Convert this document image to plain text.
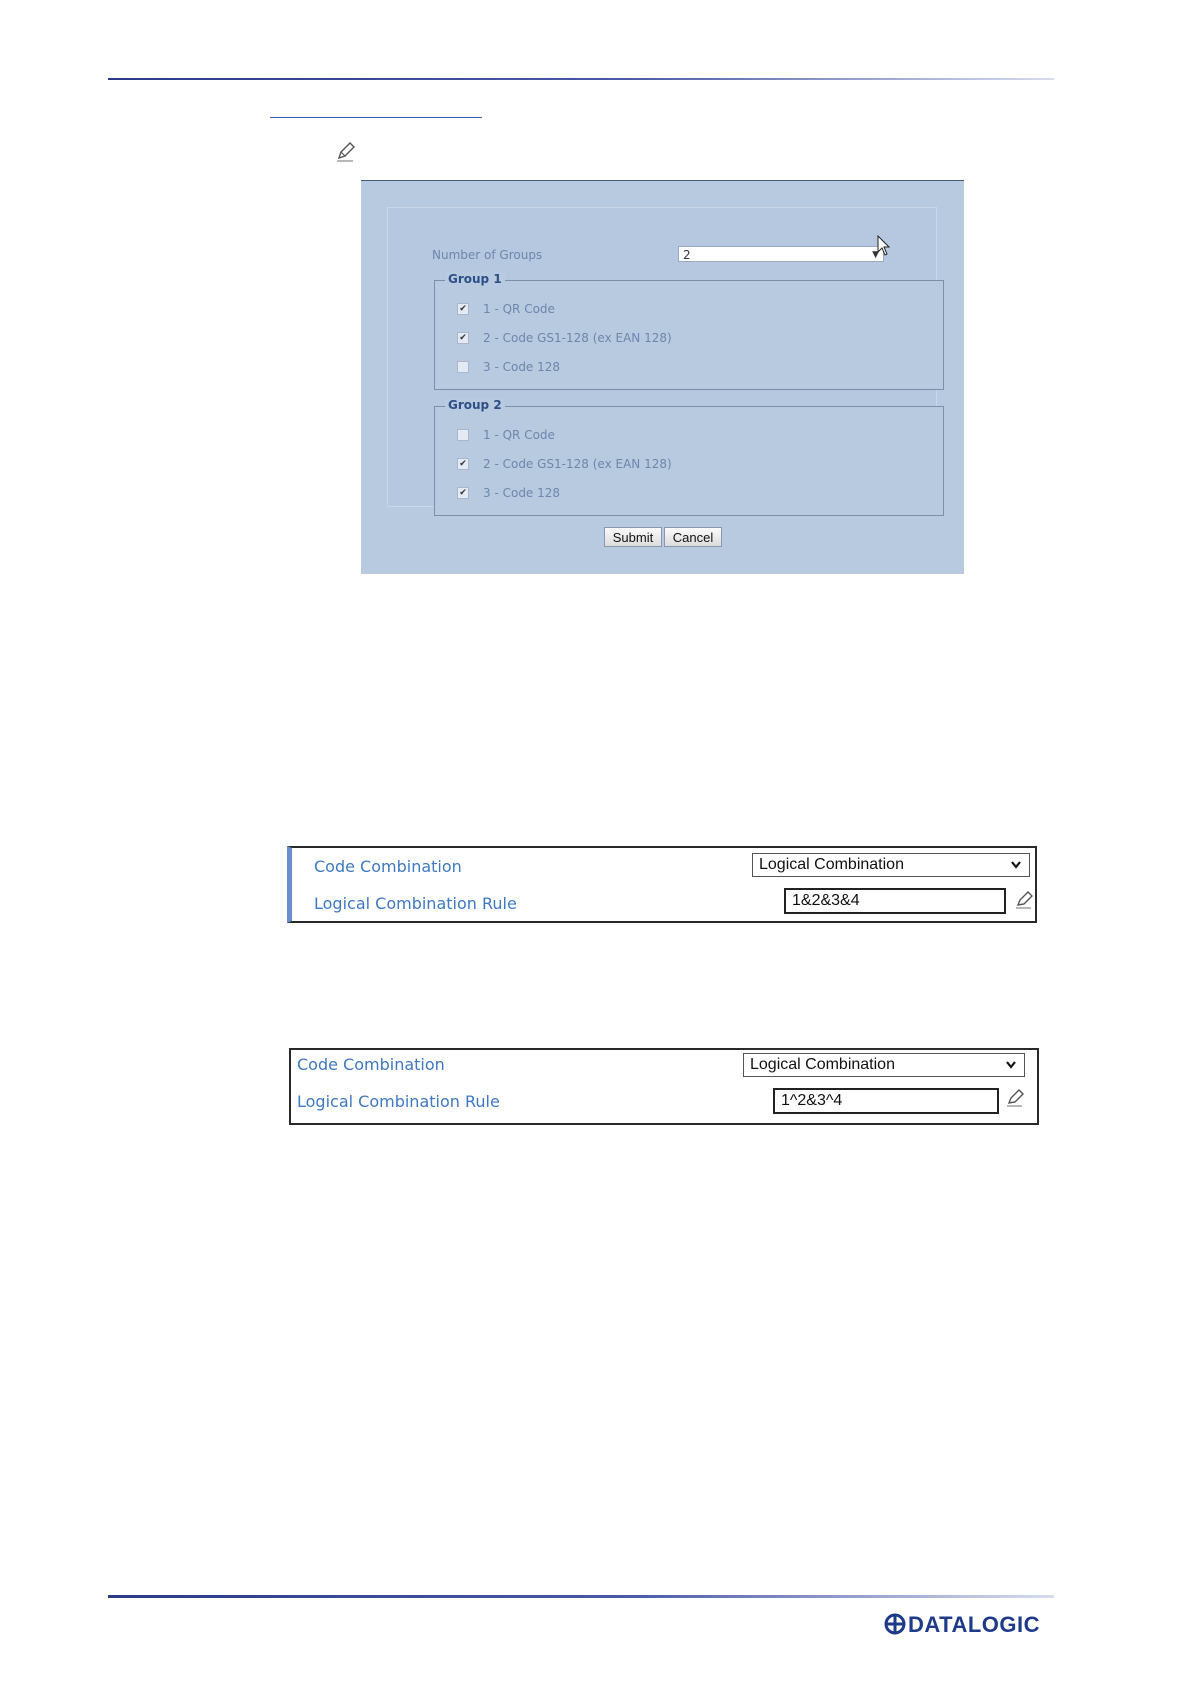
Number of Groups	2	▼
Group 1
✔ 1 - QR Code
✔ 2 - Code GS1-128 (ex EAN 128)
3 - Code 128
Group 2
1 - QR Code
✔ 2 - Code GS1-128 (ex EAN 128)
✔ 3 - Code 128
Submit	Cancel
Code Combination	Logical Combination
Logical Combination Rule	1&2&3&4
Code Combination	Logical Combination
Logical Combination Rule	1^2&3^4
DATALOGIC
